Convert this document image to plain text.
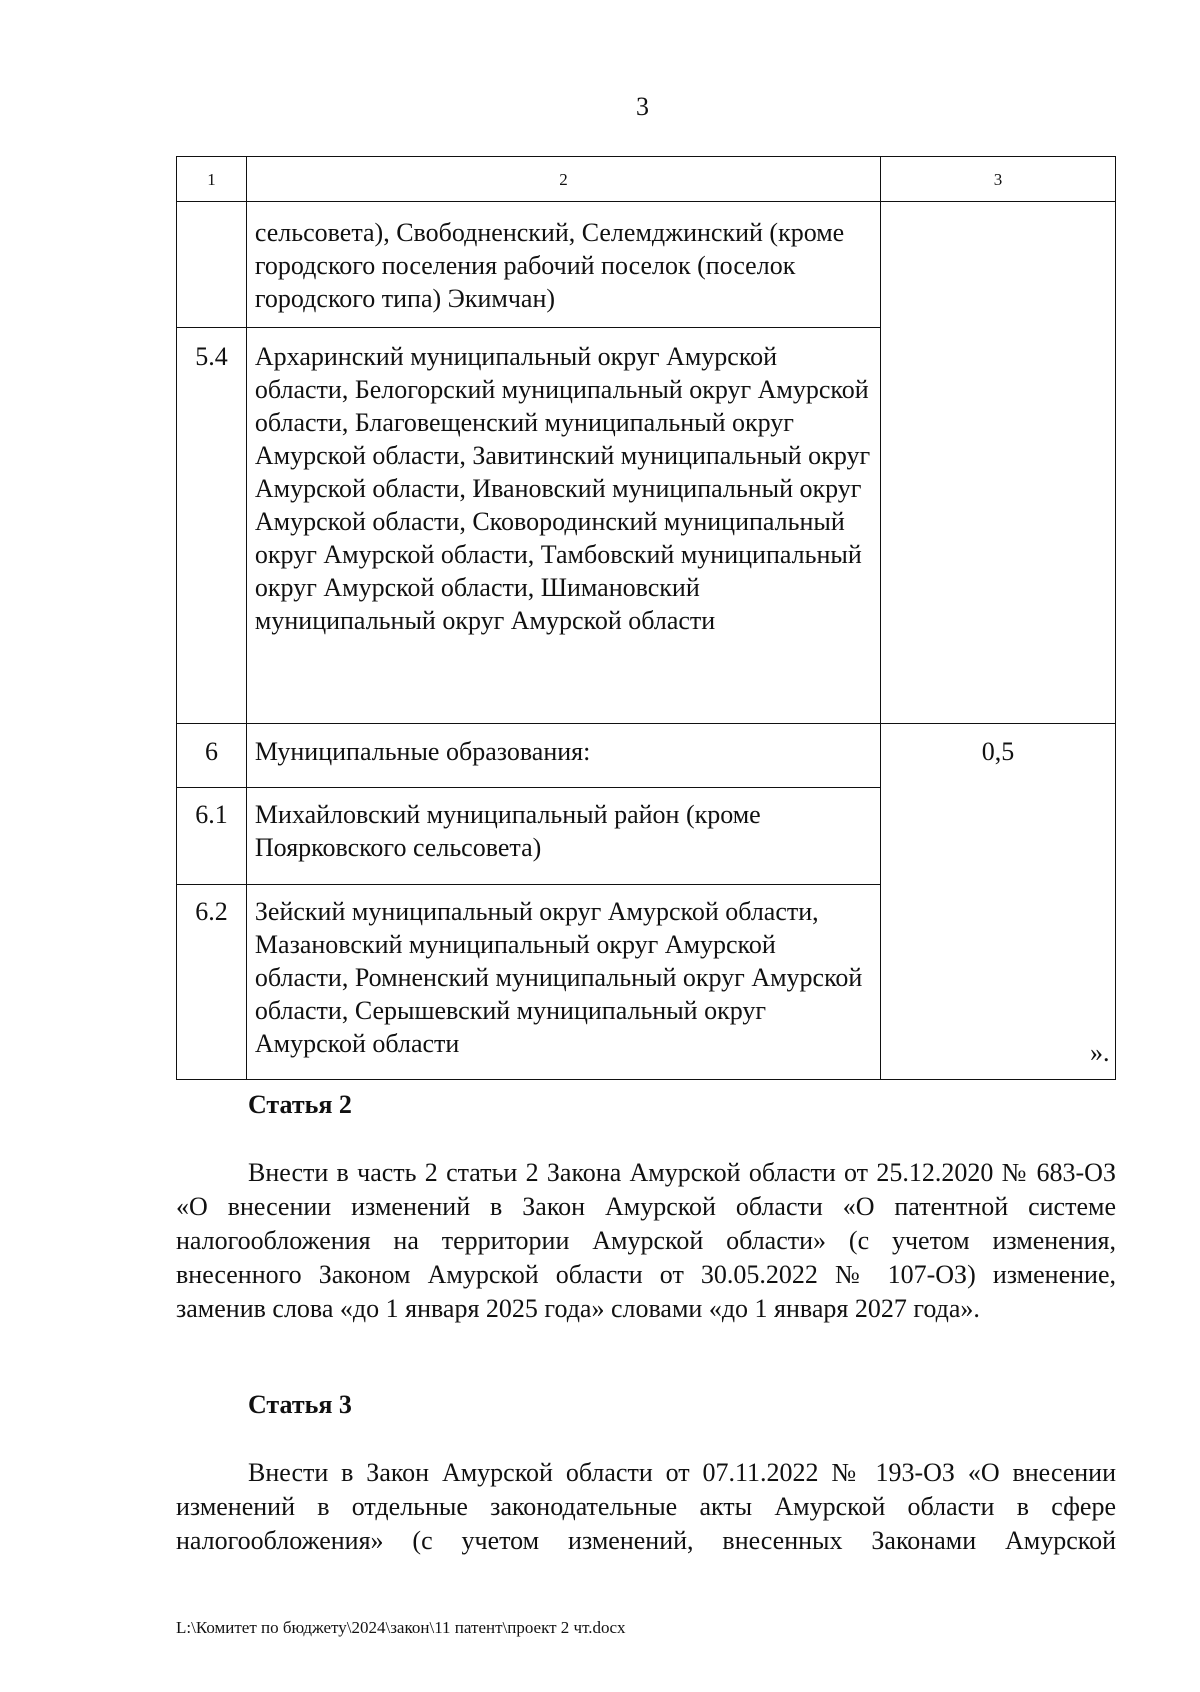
3
1	2	3
	сельсовета), Свободненский, Селемджинский (кроме городского поселения рабочий поселок (поселок городского типа) Экимчан)	
5.4	Архаринский муниципальный округ Амурской области, Белогорский муниципальный округ Амурской области, Благовещенский муниципальный округ Амурской области, Завитинский муниципальный округ Амурской области, Ивановский муниципальный округ Амурской области, Сковородинский муниципальный округ Амурской области, Тамбовский муниципальный округ Амурской области, Шимановский муниципальный округ Амурской области	
6	Муниципальные образования:	0,5
6.1	Михайловский муниципальный район (кроме Поярковского сельсовета)	
6.2	Зейский муниципальный округ Амурской области, Мазановский муниципальный округ Амурской области, Ромненский муниципальный округ Амурской области, Серышевский муниципальный округ Амурской области		».
Статья 2

Внести в часть 2 статьи 2 Закона Амурской области от 25.12.2020 № 683-ОЗ «О внесении изменений в Закон Амурской области «О патентной системе налогообложения на территории Амурской области» (с учетом изменения, внесенного Законом Амурской области от 30.05.2022 № 107-ОЗ) изменение, заменив слова «до 1 января 2025 года» словами «до 1 января 2027 года».

Статья 3

Внести в Закон Амурской области от 07.11.2022 № 193-ОЗ «О внесении изменений в отдельные законодательные акты Амурской области в сфере налогообложения» (с учетом изменений, внесенных Законами Амурской

L:\Комитет по бюджету\2024\закон\11 патент\проект 2 чт.docx
